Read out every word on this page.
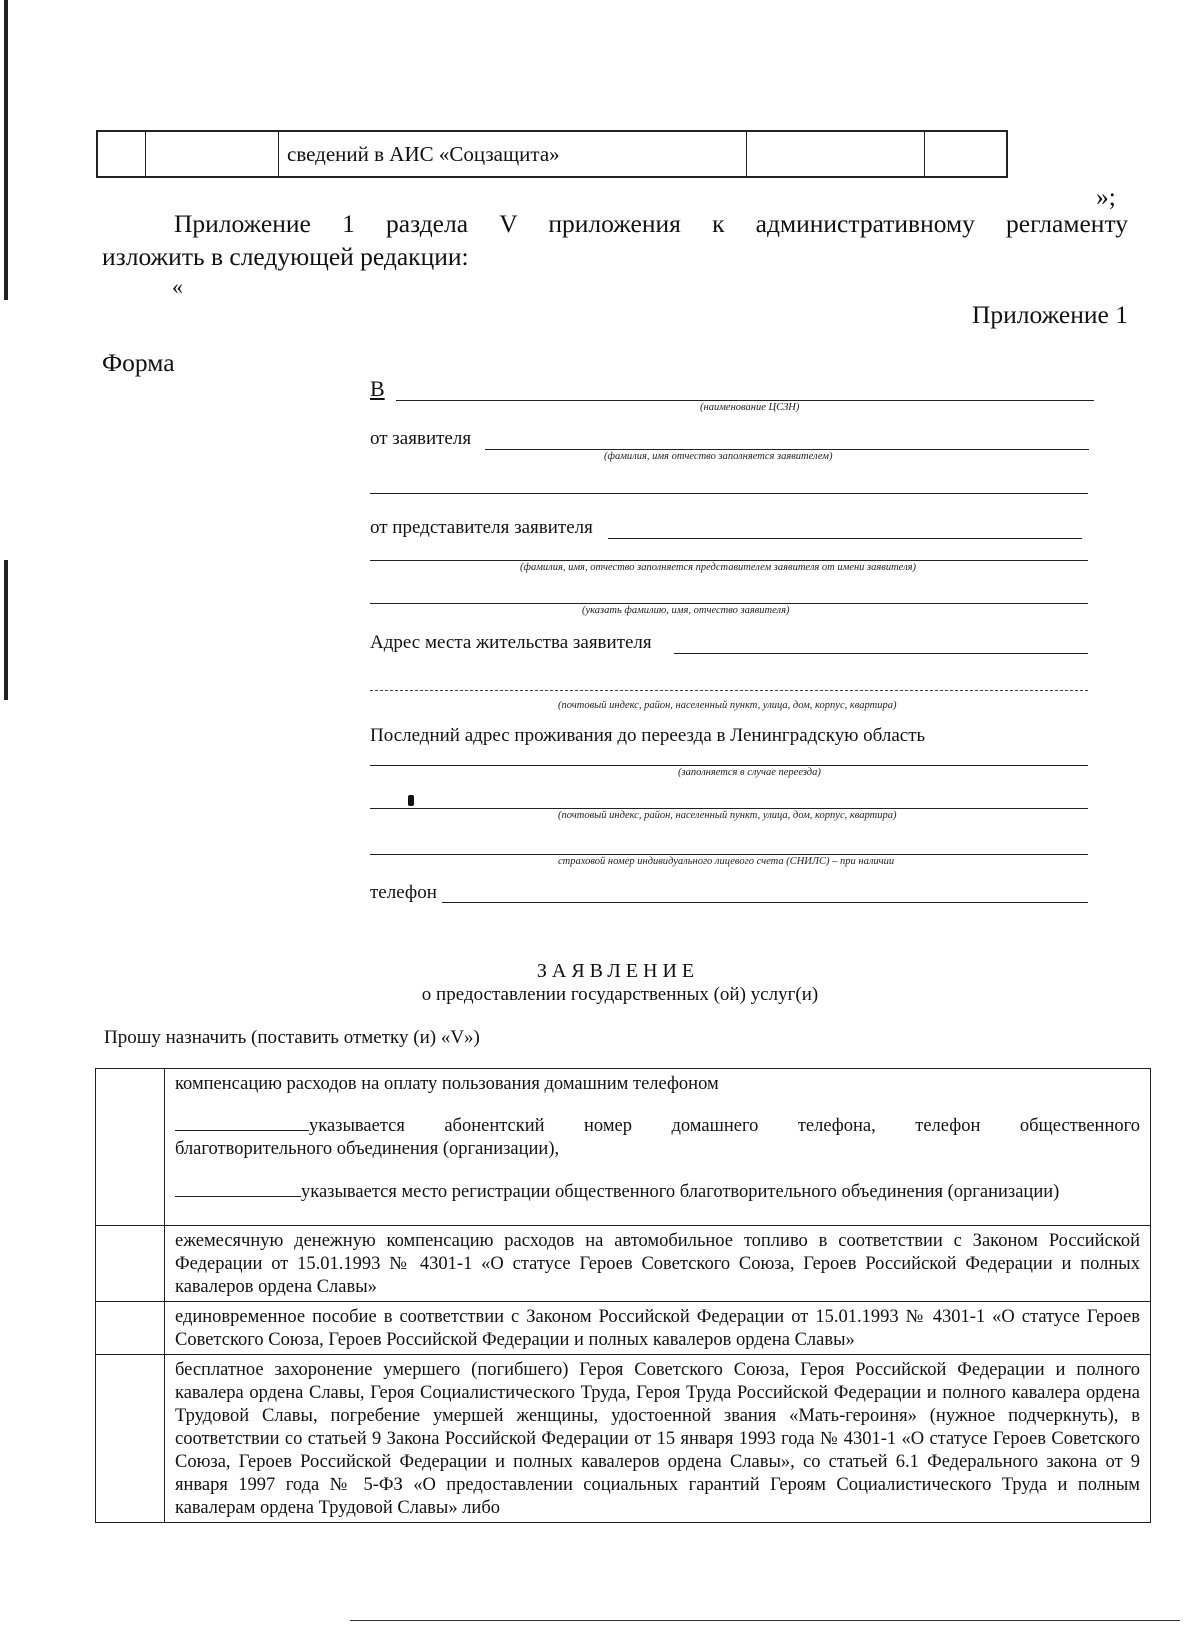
сведений в АИС «Соцзащита»
»;
Приложение 1 раздела V приложения к административному регламенту
изложить в следующей редакции:
«
Приложение 1
Форма
В
(наименование ЦСЗН)
от заявителя
(фамилия, имя отчество заполняется заявителем)
от представителя заявителя
(фамилия, имя, отчество заполняется представителем заявителя от имени заявителя)
(указать фамилию, имя, отчество заявителя)
Адрес места жительства заявителя
(почтовый индекс, район, населенный пункт, улица, дом, корпус, квартира)
Последний адрес проживания до переезда в Ленинградскую область
(заполняется в случае переезда)
(почтовый индекс, район, населенный пункт, улица, дом, корпус, квартира)
страховой номер индивидуального лицевого счета (СНИЛС) – при наличии
телефон
ЗАЯВЛЕНИЕ
о предоставлении государственных (ой) услуг(и)
Прошу назначить (поставить отметку (и) «V»)

	компенсацию расходов на оплату пользования домашним телефоном
указывается абонентский номер домашнего телефона, телефон общественного
благотворительного объединения (организации),
указывается место регистрации общественного благотворительного объединения (организации)

	ежемесячную денежную компенсацию расходов на автомобильное топливо в соответствии с Законом Российской Федерации от 15.01.1993 № 4301-1 «О статусе Героев Советского Союза, Героев Российской Федерации и полных кавалеров ордена Славы»
	единовременное пособие в соответствии с Законом Российской Федерации от 15.01.1993 № 4301-1 «О статусе Героев Советского Союза, Героев Российской Федерации и полных кавалеров ордена Славы»
	бесплатное захоронение умершего (погибшего) Героя Советского Союза, Героя Российской Федерации и полного кавалера ордена Славы, Героя Социалистического Труда, Героя Труда Российской Федерации и полного кавалера ордена Трудовой Славы, погребение умершей женщины, удостоенной звания «Мать-героиня» (нужное подчеркнуть), в соответствии со статьей 9 Закона Российской Федерации от 15 января 1993 года № 4301-1 «О статусе Героев Советского Союза, Героев Российской Федерации и полных кавалеров ордена Славы», со статьей 6.1 Федерального закона от 9 января 1997 года № 5-ФЗ «О предоставлении социальных гарантий Героям Социалистического Труда и полным кавалерам ордена Трудовой Славы» либо
